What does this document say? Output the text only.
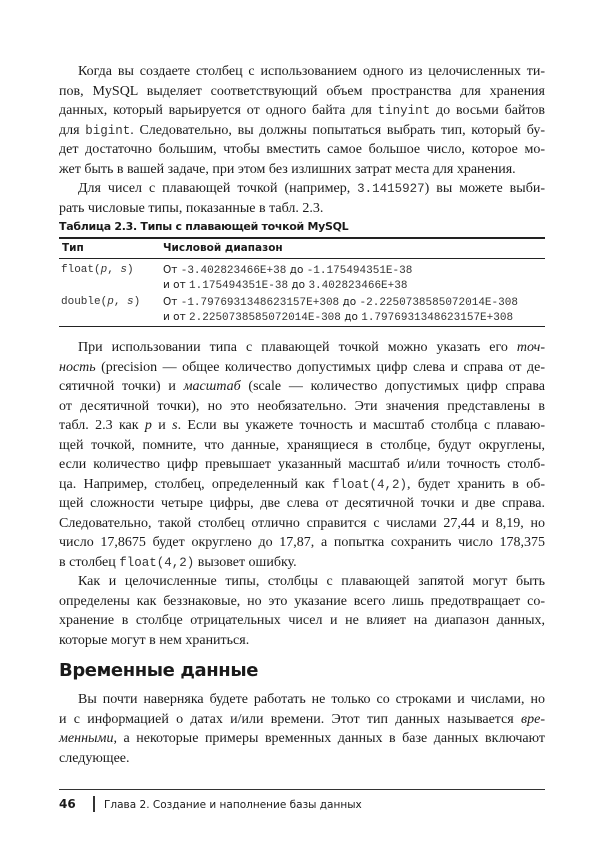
Когда вы создаете столбец с использованием одного из целочисленных ти-
пов, MySQL выделяет соответствующий объем пространства для хранения
данных, который варьируется от одного байта для tinyint до восьми байтов
для bigint. Следовательно, вы должны попытаться выбрать тип, который бу-
дет достаточно большим, чтобы вместить самое большое число, которое мо-
жет быть в вашей задаче, при этом без излишних затрат места для хранения.
Для чисел с плавающей точкой (например, 3.1415927) вы можете выби-
рать числовые типы, показанные в табл. 2.3.
Таблица 2.3. Типы с плавающей точкой MySQL
Тип	Числовой диапазон
float(p, s)	От -3.402823466E+38 до -1.175494351E-38
и от 1.175494351E-38 до 3.402823466E+38
double(p, s) От -1.7976931348623157E+308 до -2.2250738585072014E-308
и от 2.2250738585072014E-308 до 1.7976931348623157E+308
При использовании типа с плавающей точкой можно указать его точ-
ность (precision — общее количество допустимых цифр слева и справа от де-
сятичной точки) и масштаб (scale — количество допустимых цифр справа
от десятичной точки), но это необязательно. Эти значения представлены в
табл. 2.3 как p и s. Если вы укажете точность и масштаб столбца с плаваю-
щей точкой, помните, что данные, хранящиеся в столбце, будут округлены,
если количество цифр превышает указанный масштаб и/или точность столб-
ца. Например, столбец, определенный как float(4,2), будет хранить в об-
щей сложности четыре цифры, две слева от десятичной точки и две справа.
Следовательно, такой столбец отлично справится с числами 27,44 и 8,19, но
число 17,8675 будет округлено до 17,87, а попытка сохранить число 178,375
в столбец float(4,2) вызовет ошибку.
Как и целочисленные типы, столбцы с плавающей запятой могут быть
определены как беззнаковые, но это указание всего лишь предотвращает со-
хранение в столбце отрицательных чисел и не влияет на диапазон данных,
которые могут в нем храниться.
Временные данные
Вы почти наверняка будете работать не только со строками и числами, но
и с информацией о датах и/или времени. Этот тип данных называется вре-
менными, а некоторые примеры временных данных в базе данных включают
следующее.
46	Глава 2. Создание и наполнение базы данных
